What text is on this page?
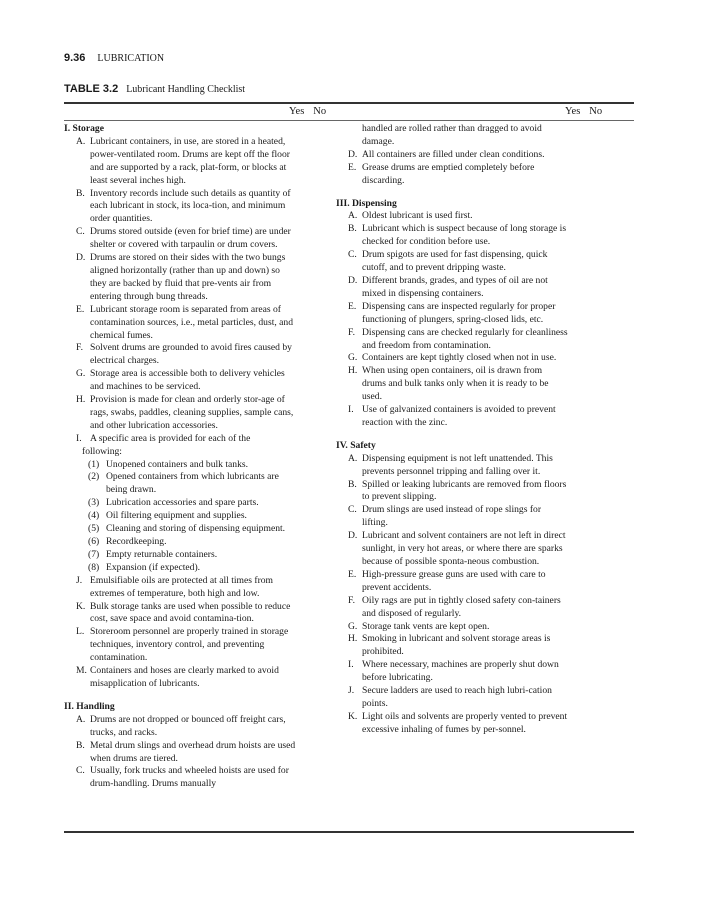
9.36 LUBRICATION
TABLE 3.2 Lubricant Handling Checklist
Yes No	Yes No
I. Storage
A. Lubricant containers, in use, are stored in a heated, power-ventilated room. Drums are kept off the floor and are supported by a rack, plat-form, or blocks at least several inches high.
B. Inventory records include such details as quantity of each lubricant in stock, its loca-tion, and minimum order quantities.
C. Drums stored outside (even for brief time) are under shelter or covered with tarpaulin or drum covers.
D. Drums are stored on their sides with the two bungs aligned horizontally (rather than up and down) so they are backed by fluid that pre-vents air from entering through bung threads.
E. Lubricant storage room is separated from areas of contamination sources, i.e., metal particles, dust, and chemical fumes.
F. Solvent drums are grounded to avoid fires caused by electrical charges.
G. Storage area is accessible both to delivery vehicles and machines to be serviced.
H. Provision is made for clean and orderly stor-age of rags, swabs, paddles, cleaning supplies, sample cans, and other lubrication accessories.
I. A specific area is provided for each of the
following:
(1) Unopened containers and bulk tanks.
(2) Opened containers from which lubricants are being drawn.
(3) Lubrication accessories and spare parts.
(4) Oil filtering equipment and supplies.
(5) Cleaning and storing of dispensing equipment.
(6) Recordkeeping.
(7) Empty returnable containers.
(8) Expansion (if expected).
J. Emulsifiable oils are protected at all times from extremes of temperature, both high and low.
K. Bulk storage tanks are used when possible to reduce cost, save space and avoid contamina-tion.
L. Storeroom personnel are properly trained in storage techniques, inventory control, and preventing contamination.
M. Containers and hoses are clearly marked to avoid misapplication of lubricants.
II. Handling
A. Drums are not dropped or bounced off freight cars, trucks, and racks.
B. Metal drum slings and overhead drum hoists are used when drums are tiered.
C. Usually, fork trucks and wheeled hoists are used for drum-handling. Drums manually
handled are rolled rather than dragged to avoid damage.
D. All containers are filled under clean conditions.
E. Grease drums are emptied completely before discarding.
III. Dispensing
A. Oldest lubricant is used first.
B. Lubricant which is suspect because of long storage is checked for condition before use.
C. Drum spigots are used for fast dispensing, quick cutoff, and to prevent dripping waste.
D. Different brands, grades, and types of oil are not mixed in dispensing containers.
E. Dispensing cans are inspected regularly for proper functioning of plungers, spring-closed lids, etc.
F. Dispensing cans are checked regularly for cleanliness and freedom from contamination.
G. Containers are kept tightly closed when not in use.
H. When using open containers, oil is drawn from drums and bulk tanks only when it is ready to be used.
I. Use of galvanized containers is avoided to prevent reaction with the zinc.
IV. Safety
A. Dispensing equipment is not left unattended. This prevents personnel tripping and falling over it.
B. Spilled or leaking lubricants are removed from floors to prevent slipping.
C. Drum slings are used instead of rope slings for lifting.
D. Lubricant and solvent containers are not left in direct sunlight, in very hot areas, or where there are sparks because of possible sponta-neous combustion.
E. High-pressure grease guns are used with care to prevent accidents.
F. Oily rags are put in tightly closed safety con-tainers and disposed of regularly.
G. Storage tank vents are kept open.
H. Smoking in lubricant and solvent storage areas is prohibited.
I. Where necessary, machines are properly shut down before lubricating.
J. Secure ladders are used to reach high lubri-cation points.
K. Light oils and solvents are properly vented to prevent excessive inhaling of fumes by per-sonnel.
